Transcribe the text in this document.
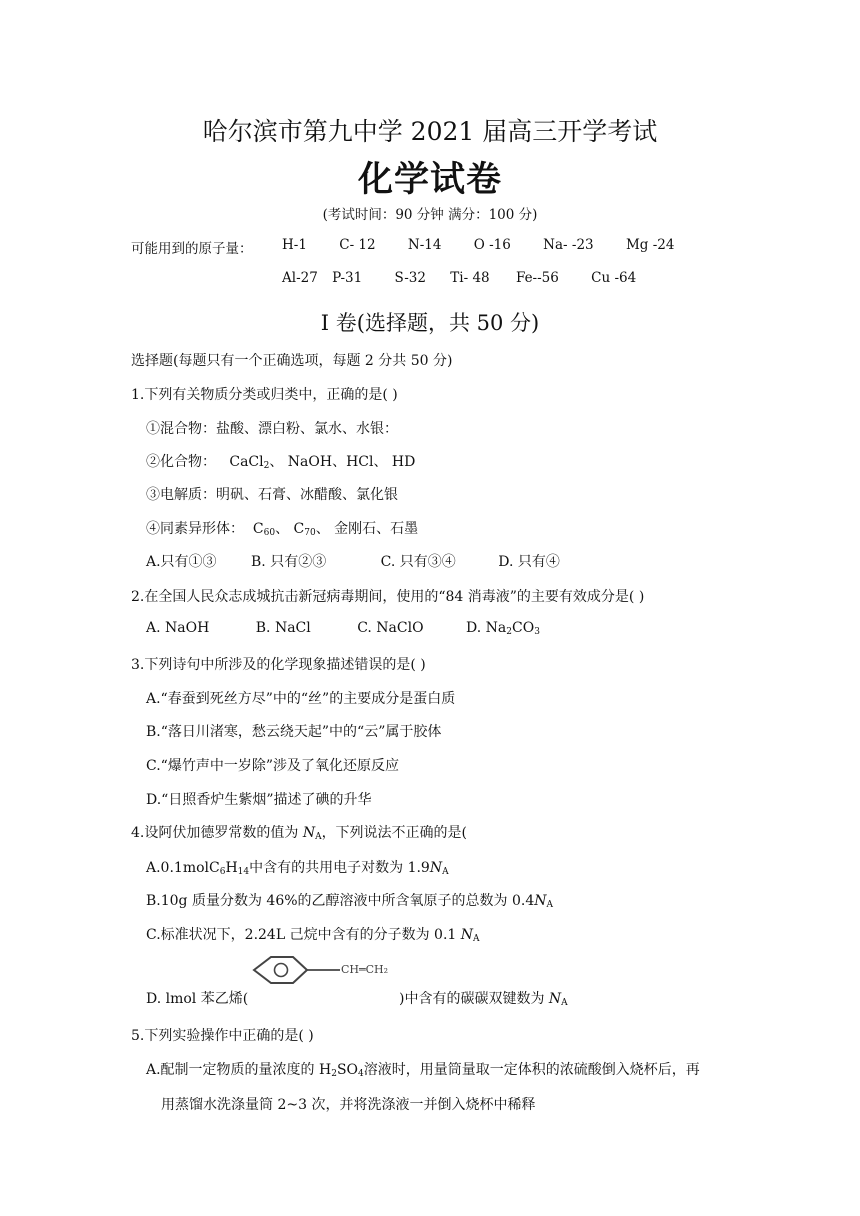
哈尔滨市第九中学 2021 届高三开学考试
化学试卷
(考试时间：90 分钟 满分：100 分)
可能用到的原子量： H-1 C- 12 N-14 O -16 Na- -23 Mg -24
Al-27 P-31 S-32 Ti- 48 Fe--56 Cu -64
I 卷(选择题，共 50 分)
选择题(每题只有一个正确选项，每题 2 分共 50 分)
1.下列有关物质分类或归类中，正确的是( )
①混合物：盐酸、漂白粉、氯水、水银：
②化合物：   CaCl$_2$、 NaOH、HCl、 HD
③电解质：明矾、石膏、冰醋酸、氯化银
④同素异形体：  $C_{60}$、 $C_{70}$、 金刚石、石墨
A.只有①③ B. 只有②③	C. 只有③④	D. 只有④
2.在全国人民众志成城抗击新冠病毒期间，使用的“84 消毒液”的主要有效成分是( )
A. NaOH	B. NaCl	C. NaClO	D. $Na_2CO_3$
3.下列诗句中所涉及的化学现象描述错误的是( )
A.“春蚕到死丝方尽”中的“丝”的主要成分是蛋白质
B.“落日川渚寒，愁云绕天起”中的“云”属于胶体
C.“爆竹声中一岁除”涉及了氧化还原反应
D.“日照香炉生紫烟”描述了碘的升华
4.设阿伏加德罗常数的值为 $N_A$，下列说法不正确的是(
$A.0.1molC_6H_{14}$中含有的共用电子对数为 $1.9N_A$
B.10g 质量分数为 46%的乙醇溶液中所含氧原子的总数为 $0.4N_A$
C.标准状况下，2.24L 己烷中含有的分子数为 0.1 $N_A$
D. lmol 苯乙烯(
CH═CH₂
)中含有的碳碳双键数为 $N_A$
5.下列实验操作中正确的是( )
A.配制一定物质的量浓度的 $H_2SO_4$溶液时，用量筒量取一定体积的浓硫酸倒入烧杯后，再
用蒸馏水洗涤量筒 2~3 次，并将洗涤液一并倒入烧杯中稀释
